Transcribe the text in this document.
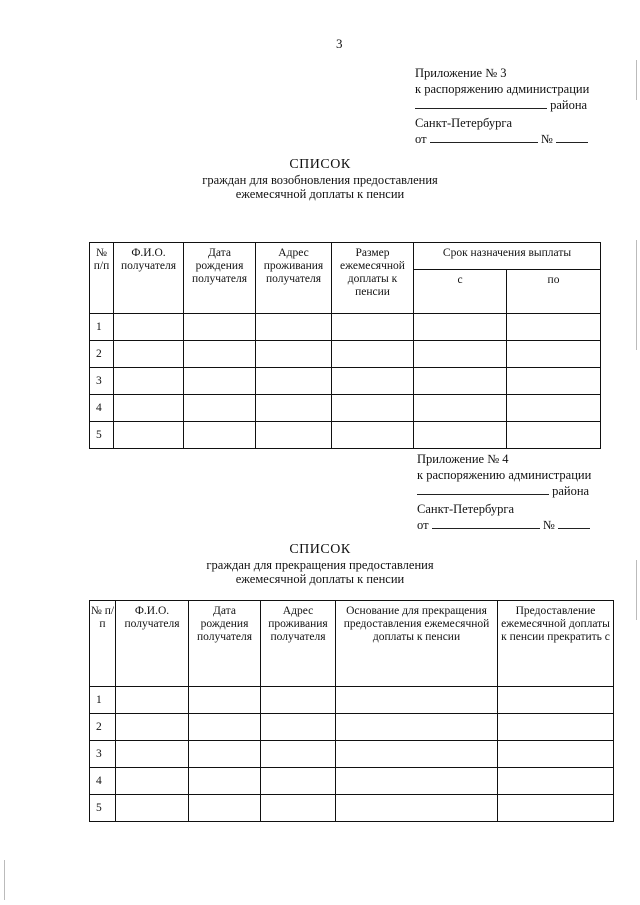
3
Приложение № 3
к распоряжению администрации
района
Санкт-Петербурга
от	№
СПИСОК
граждан для возобновления предоставления
ежемесячной доплаты к пенсии
№ п/п	Ф.И.О. получателя	Дата рождения получателя	Адрес проживания получателя	Размер ежемесячной доплаты к пенсии	Срок назначения выплаты	
					с	по
1						
2						
3						
4						
5						
Приложение № 4
к распоряжению администрации
района
Санкт-Петербурга
от	№
СПИСОК
граждан для прекращения предоставления
ежемесячной доплаты к пенсии
№ п/п	Ф.И.О. получателя	Дата рождения получателя	Адрес проживания получателя	Основание для прекращения предоставления ежемесячной доплаты к пенсии	Предоставление ежемесячной доплаты к пенсии прекратить с
1					
2					
3					
4					
5					
